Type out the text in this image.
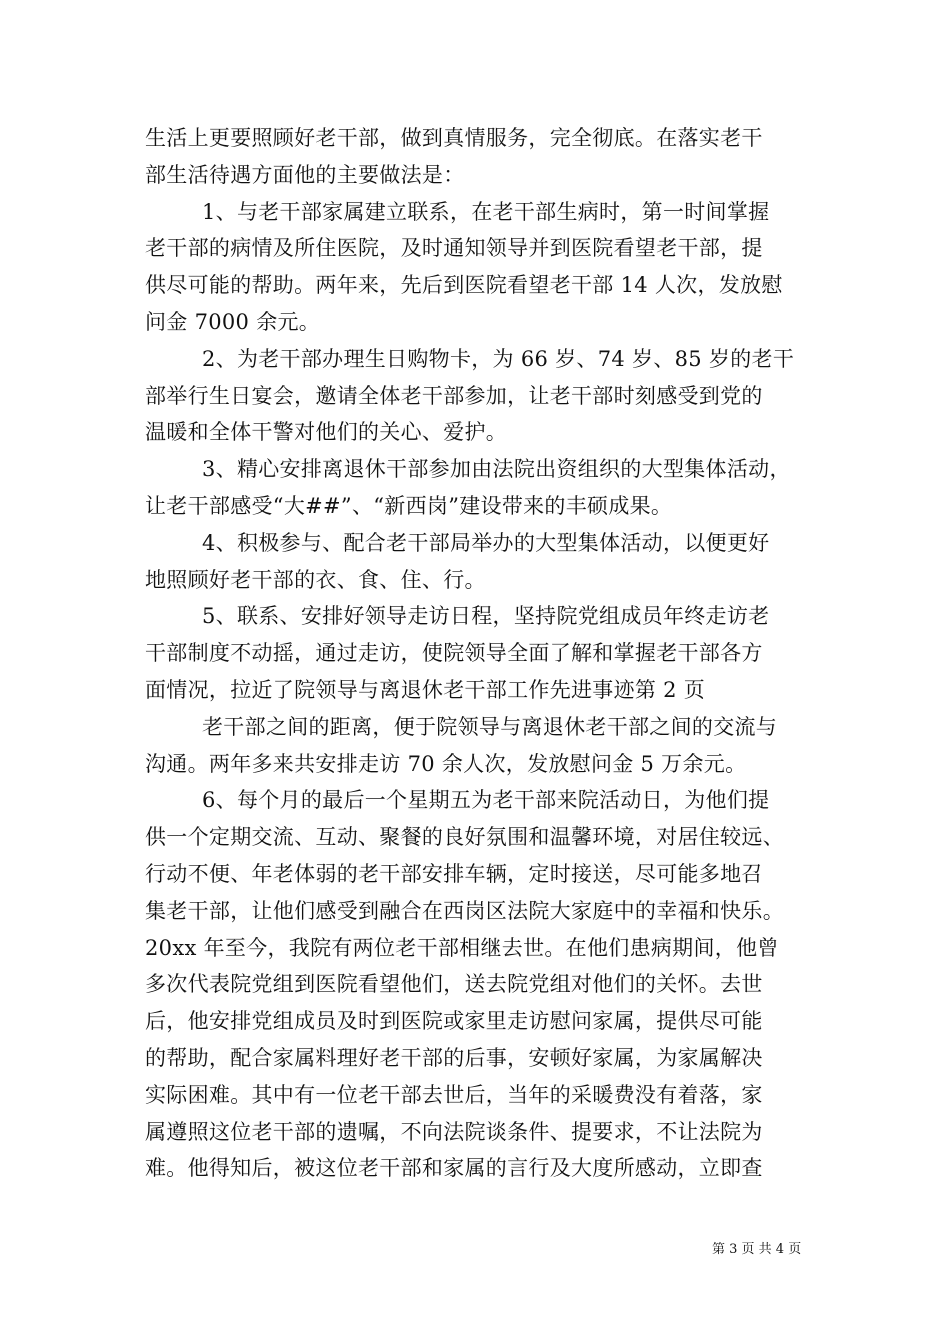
生活上更要照顾好老干部，做到真情服务，完全彻底。在落实老干
部生活待遇方面他的主要做法是：
1、与老干部家属建立联系，在老干部生病时，第一时间掌握
老干部的病情及所住医院，及时通知领导并到医院看望老干部，提
供尽可能的帮助。两年来，先后到医院看望老干部 14 人次，发放慰
问金 7000 余元。
2、为老干部办理生日购物卡，为 66 岁、74 岁、85 岁的老干
部举行生日宴会，邀请全体老干部参加，让老干部时刻感受到党的
温暖和全体干警对他们的关心、爱护。
3、精心安排离退休干部参加由法院出资组织的大型集体活动，
让老干部感受“大##”、“新西岗”建设带来的丰硕成果。
4、积极参与、配合老干部局举办的大型集体活动，以便更好
地照顾好老干部的衣、食、住、行。
5、联系、安排好领导走访日程，坚持院党组成员年终走访老
干部制度不动摇，通过走访，使院领导全面了解和掌握老干部各方
面情况，拉近了院领导与离退休老干部工作先进事迹第 2 页
老干部之间的距离，便于院领导与离退休老干部之间的交流与
沟通。两年多来共安排走访 70 余人次，发放慰问金 5 万余元。
6、每个月的最后一个星期五为老干部来院活动日，为他们提
供一个定期交流、互动、聚餐的良好氛围和温馨环境，对居住较远、
行动不便、年老体弱的老干部安排车辆，定时接送，尽可能多地召
集老干部，让他们感受到融合在西岗区法院大家庭中的幸福和快乐。
20xx 年至今，我院有两位老干部相继去世。在他们患病期间，他曾
多次代表院党组到医院看望他们，送去院党组对他们的关怀。去世
后，他安排党组成员及时到医院或家里走访慰问家属，提供尽可能
的帮助，配合家属料理好老干部的后事，安顿好家属，为家属解决
实际困难。其中有一位老干部去世后，当年的采暖费没有着落，家
属遵照这位老干部的遗嘱，不向法院谈条件、提要求，不让法院为
难。他得知后，被这位老干部和家属的言行及大度所感动，立即查
第 3 页 共 4 页
